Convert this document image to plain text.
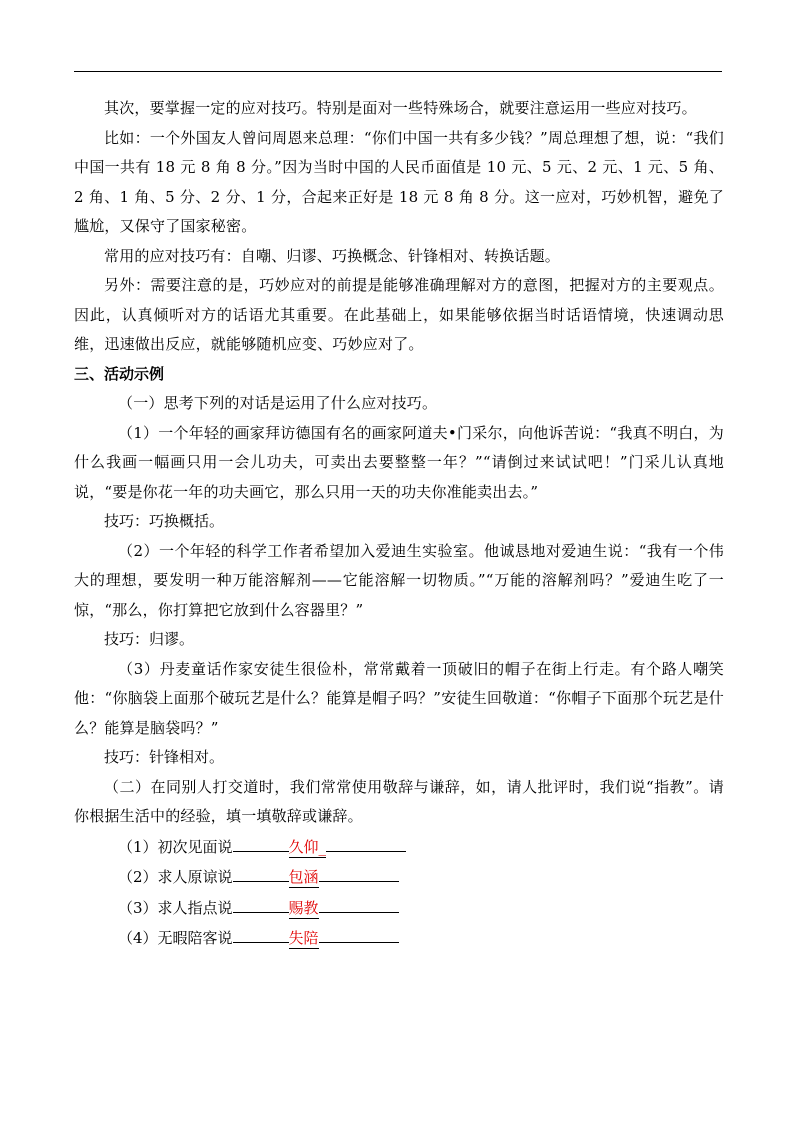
其次，要掌握一定的应对技巧。特别是面对一些特殊场合，就要注意运用一些应对技巧。

比如：一个外国友人曾问周恩来总理：“你们中国一共有多少钱？”周总理想了想，说：“我们中国一共有 18 元 8 角 8 分。”因为当时中国的人民币面值是 10 元、5 元、2 元、1 元、5 角、2 角、1 角、5 分、2 分、1 分，合起来正好是 18 元 8 角 8 分。这一应对，巧妙机智，避免了尴尬，又保守了国家秘密。

常用的应对技巧有：自嘲、归谬、巧换概念、针锋相对、转换话题。

另外：需要注意的是，巧妙应对的前提是能够准确理解对方的意图，把握对方的主要观点。因此，认真倾听对方的话语尤其重要。在此基础上，如果能够依据当时话语情境，快速调动思维，迅速做出反应，就能够随机应变、巧妙应对了。

三、活动示例

（一）思考下列的对话是运用了什么应对技巧。

（1）一个年轻的画家拜访德国有名的画家阿道夫•门采尔，向他诉苦说：“我真不明白，为什么我画一幅画只用一会儿功夫，可卖出去要整整一年？”“请倒过来试试吧！”门采儿认真地说，“要是你花一年的功夫画它，那么只用一天的功夫你准能卖出去。”

技巧：巧换概括。

（2）一个年轻的科学工作者希望加入爱迪生实验室。他诚恳地对爱迪生说：“我有一个伟大的理想，要发明一种万能溶解剂——它能溶解一切物质。”“万能的溶解剂吗？”爱迪生吃了一惊，“那么，你打算把它放到什么容器里？”

技巧：归谬。

（3）丹麦童话作家安徒生很俭朴，常常戴着一顶破旧的帽子在街上行走。有个路人嘲笑他：“你脑袋上面那个破玩艺是什么？能算是帽子吗？”安徒生回敬道：“你帽子下面那个玩艺是什么？能算是脑袋吗？”

技巧：针锋相对。

（二）在同别人打交道时，我们常常使用敬辞与谦辞，如，请人批评时，我们说“指教”。请你根据生活中的经验，填一填敬辞或谦辞。

（1）初次见面说	久仰_

（2）求人原谅说	包涵

（3）求人指点说	赐教

（4）无暇陪客说	失陪
